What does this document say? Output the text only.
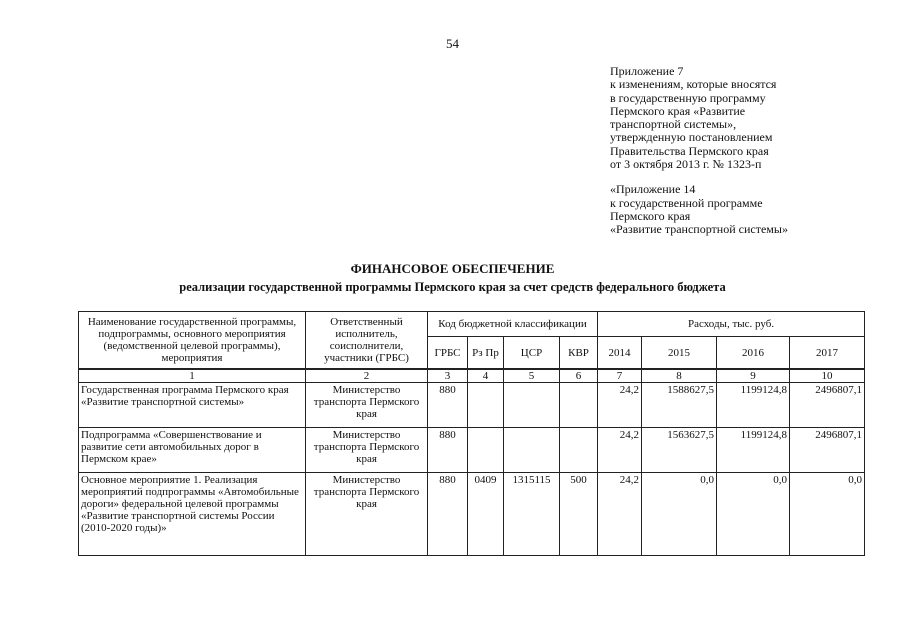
54
Приложение 7
к изменениям, которые вносятся
в государственную программу
Пермского края «Развитие
транспортной системы»,
утвержденную постановлением
Правительства Пермского края
от 3 октября 2013 г. № 1323-п
«Приложение 14
к государственной программе
Пермского края
«Развитие транспортной системы»
ФИНАНСОВОЕ ОБЕСПЕЧЕНИЕ
реализации государственной программы Пермского края за счет средств федерального бюджета
Наименование государственной программы, подпрограммы, основного мероприятия (ведомственной целевой программы), мероприятия	Ответственный исполнитель, соисполнители, участники (ГРБС)	Код бюджетной классификации				Расходы, тыс. руб.			
		ГРБС	Рз Пр	ЦСР	КВР	2014	2015	2016	2017
1	2	3	4	5	6	7	8	9	10
Государственная программа Пермского края «Развитие транспортной системы»	Министерство транспорта Пермского края	880				24,2	1588627,5	1199124,8	2496807,1
Подпрограмма «Совершенствование и развитие сети автомобильных дорог в Пермском крае»	Министерство транспорта Пермского края	880				24,2	1563627,5	1199124,8	2496807,1
Основное мероприятие 1. Реализация мероприятий подпрограммы «Автомобильные дороги» федеральной целевой программы «Развитие транспортной системы России (2010-2020 годы)»	Министерство транспорта Пермского края	880	0409	1315115	500	24,2	0,0	0,0	0,0
